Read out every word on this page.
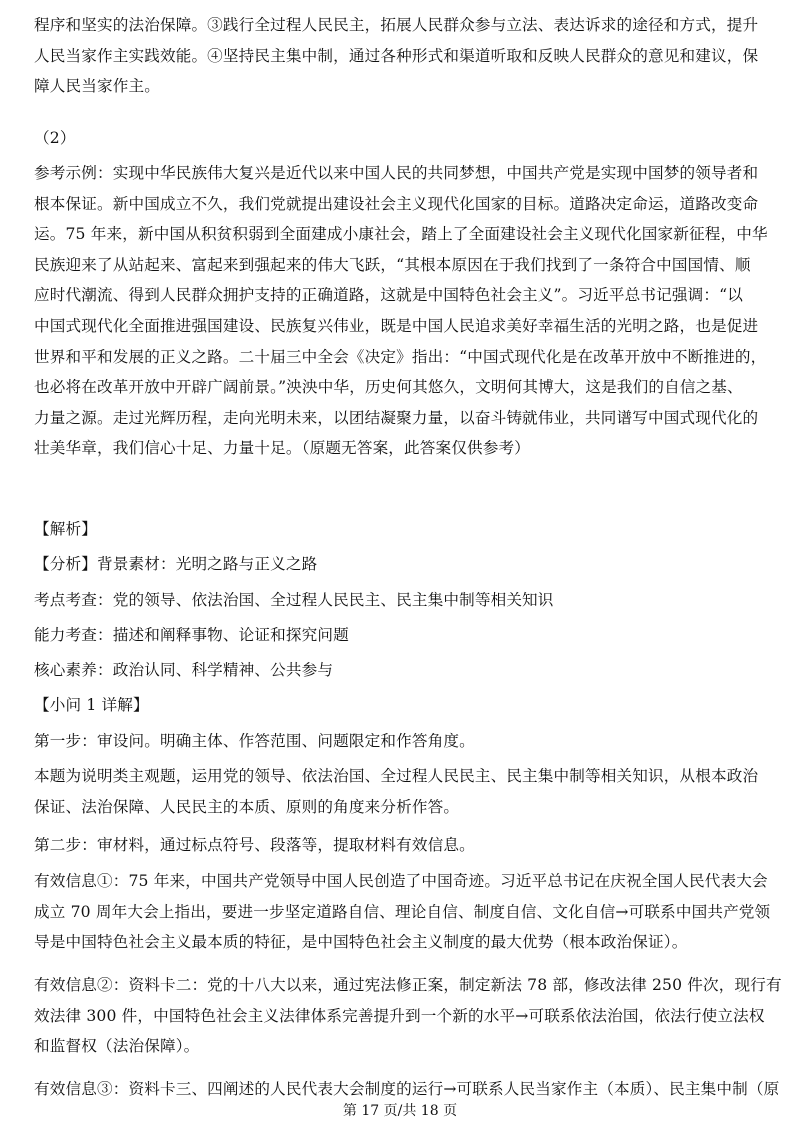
程序和坚实的法治保障。③践行全过程人民民主，拓展人民群众参与立法、表达诉求的途径和方式，提升
人民当家作主实践效能。④坚持民主集中制，通过各种形式和渠道听取和反映人民群众的意见和建议，保
障人民当家作主。
（2）
参考示例：实现中华民族伟大复兴是近代以来中国人民的共同梦想，中国共产党是实现中国梦的领导者和
根本保证。新中国成立不久，我们党就提出建设社会主义现代化国家的目标。道路决定命运，道路改变命
运。75 年来，新中国从积贫积弱到全面建成小康社会，踏上了全面建设社会主义现代化国家新征程，中华
民族迎来了从站起来、富起来到强起来的伟大飞跃，“其根本原因在于我们找到了一条符合中国国情、顺
应时代潮流、得到人民群众拥护支持的正确道路，这就是中国特色社会主义”。习近平总书记强调：“以
中国式现代化全面推进强国建设、民族复兴伟业，既是中国人民追求美好幸福生活的光明之路，也是促进
世界和平和发展的正义之路。二十届三中全会《决定》指出：“中国式现代化是在改革开放中不断推进的，
也必将在改革开放中开辟广阔前景。”泱泱中华，历史何其悠久，文明何其博大，这是我们的自信之基、
力量之源。走过光辉历程，走向光明未来，以团结凝聚力量，以奋斗铸就伟业，共同谱写中国式现代化的
壮美华章，我们信心十足、力量十足。（原题无答案，此答案仅供参考）
【解析】
【分析】背景素材：光明之路与正义之路
考点考查：党的领导、依法治国、全过程人民民主、民主集中制等相关知识
能力考查：描述和阐释事物、论证和探究问题
核心素养：政治认同、科学精神、公共参与
【小问 1 详解】
第一步：审设问。明确主体、作答范围、问题限定和作答角度。
本题为说明类主观题，运用党的领导、依法治国、全过程人民民主、民主集中制等相关知识，从根本政治
保证、法治保障、人民民主的本质、原则的角度来分析作答。
第二步：审材料，通过标点符号、段落等，提取材料有效信息。
有效信息①：75 年来，中国共产党领导中国人民创造了中国奇迹。习近平总书记在庆祝全国人民代表大会
成立 70 周年大会上指出，要进一步坚定道路自信、理论自信、制度自信、文化自信→可联系中国共产党领
导是中国特色社会主义最本质的特征，是中国特色社会主义制度的最大优势（根本政治保证）。
有效信息②：资料卡二：党的十八大以来，通过宪法修正案，制定新法 78 部，修改法律 250 件次，现行有
效法律 300 件，中国特色社会主义法律体系完善提升到一个新的水平→可联系依法治国，依法行使立法权
和监督权（法治保障）。
有效信息③：资料卡三、四阐述的人民代表大会制度的运行→可联系人民当家作主（本质）、民主集中制（原
第 17 页/共 18 页
